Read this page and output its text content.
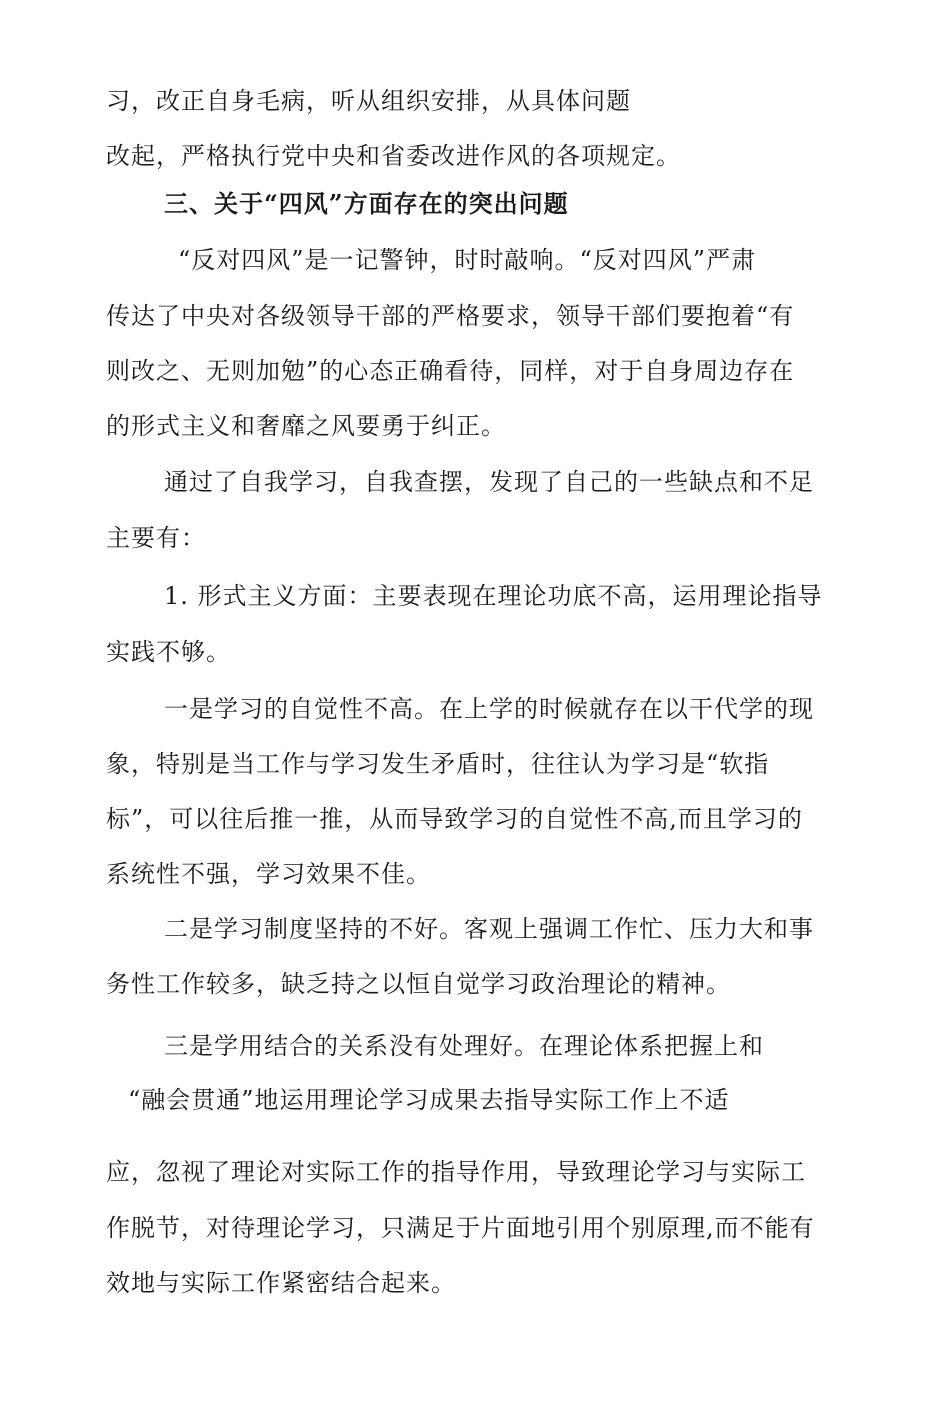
习，改正自身毛病，听从组织安排，从具体问题
改起，严格执行党中央和省委改进作风的各项规定。
三、关于“四风”方面存在的突出问题
“反对四风”是一记警钟，时时敲响。“反对四风”严肃
传达了中央对各级领导干部的严格要求，领导干部们要抱着“有
则改之、无则加勉”的心态正确看待，同样，对于自身周边存在
的形式主义和奢靡之风要勇于纠正。
通过了自我学习，自我查摆，发现了自己的一些缺点和不足
主要有：
1. 形式主义方面：主要表现在理论功底不高，运用理论指导
实践不够。
一是学习的自觉性不高。在上学的时候就存在以干代学的现
象，特别是当工作与学习发生矛盾时，往往认为学习是“软指
标”，可以往后推一推，从而导致学习的自觉性不高,而且学习的
系统性不强，学习效果不佳。
二是学习制度坚持的不好。客观上强调工作忙、压力大和事
务性工作较多，缺乏持之以恒自觉学习政治理论的精神。
三是学用结合的关系没有处理好。在理论体系把握上和
“融会贯通”地运用理论学习成果去指导实际工作上不适
应，忽视了理论对实际工作的指导作用，导致理论学习与实际工
作脱节，对待理论学习，只满足于片面地引用个别原理,而不能有
效地与实际工作紧密结合起来。
